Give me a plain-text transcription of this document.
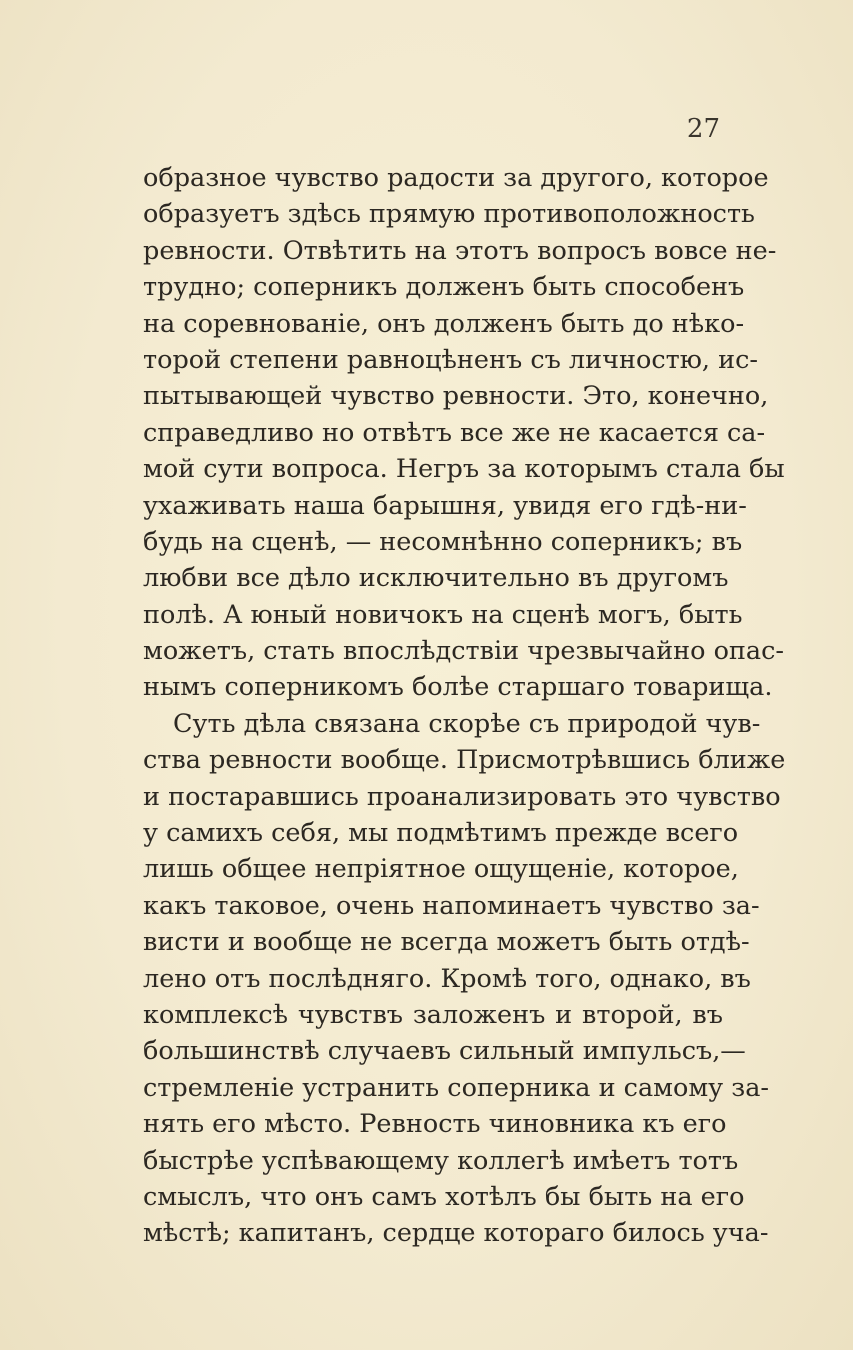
27
образное чувство радости за другого, которое
образуетъ здѣсь прямую противоположность
ревности. Отвѣтить на этотъ вопросъ вовсе не-
трудно; соперникъ долженъ быть способенъ
на соревнованіе, онъ долженъ быть до нѣко-
торой степени равноцѣненъ съ личностю, ис-
пытывающей чувство ревности. Это, конечно,
справедливо но отвѣтъ все же не касается са-
мой сути вопроса. Негръ за которымъ стала бы
ухаживать наша барышня, увидя его гдѣ-ни-
будь на сценѣ, — несомнѣнно соперникъ; въ
любви все дѣло исключительно въ другомъ
полѣ. А юный новичокъ на сценѣ могъ, быть
можетъ, стать впослѣдствіи чрезвычайно опас-
нымъ соперникомъ болѣе старшаго товарища.
Суть дѣла связана скорѣе съ природой чув-
ства ревности вообще. Присмотрѣвшись ближе
и постаравшись проанализировать это чувство
у самихъ себя, мы подмѣтимъ прежде всего
лишь общее непріятное ощущеніе, которое,
какъ таковое, очень напоминаетъ чувство за-
висти и вообще не всегда можетъ быть отдѣ-
лено отъ послѣдняго. Кромѣ того, однако, въ
комплексѣ чувствъ заложенъ и второй, въ
большинствѣ случаевъ сильный импульсъ,—
стремленіе устранить соперника и самому за-
нять его мѣсто. Ревность чиновника къ его
быстрѣе успѣвающему коллегѣ имѣетъ тотъ
смыслъ, что онъ самъ хотѣлъ бы быть на его
мѣстѣ; капитанъ, сердце котораго билось уча-
